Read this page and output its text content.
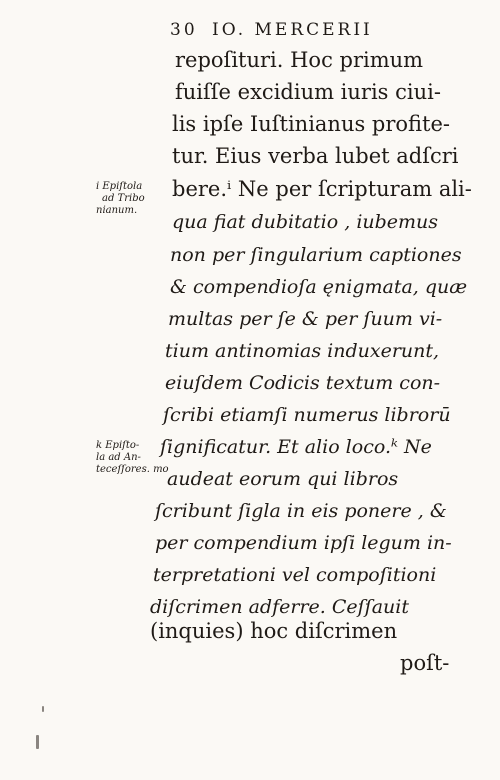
30 IO. MERCERII
repoſituri. Hoc primum
fuiſſe excidium iuris ciui-
lis ipſe Iuſtinianus profite-
tur. Eius verba lubet adſcri
bere.ⁱ Ne per ſcripturam ali-
qua fiat dubitatio , iubemus
non per ſingularium captiones
& compendioſa ęnigmata, quæ
multas per ſe & per ſuum vi-
tium antinomias induxerunt,
eiuſdem Codicis textum con-
ſcribi etiamſi numerus librorū
ſignificatur. Et alio loco.ᵏ Ne
audeat eorum qui libros
ſcribunt ſigla in eis ponere , &
per compendium ipſi legum in-
terpretationi vel compoſitioni
diſcrimen adferre. Ceſſauit
(inquies) hoc diſcrimen
poſt-
i Epiſtola
ad Tribo
nianum.
k Epiſto-
la ad An-
teceſſores. mo
